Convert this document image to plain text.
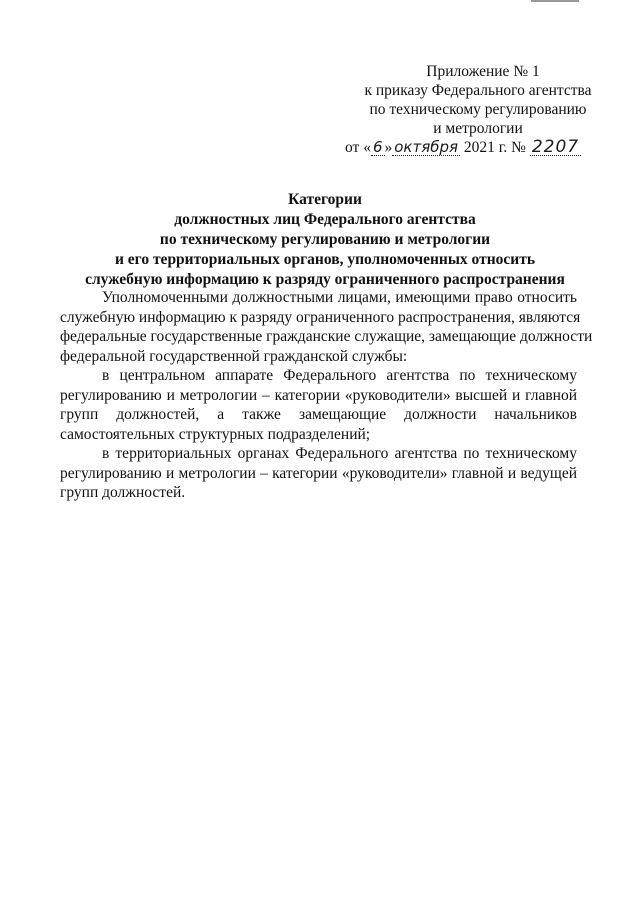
Приложение № 1
к приказу Федерального агентства
по техническому регулированию
и метрологии
от « 6 » октября 2021 г. № 2207
Категории
должностных лиц Федерального агентства
по техническому регулированию и метрологии
и его территориальных органов, уполномоченных относить
служебную информацию к разряду ограниченного распространения

Уполномоченными должностными лицами, имеющими право относить
служебную информацию к разряду ограниченного распространения, являются
федеральные государственные гражданские служащие, замещающие должности
федеральной государственной гражданской службы:

в центральном аппарате Федерального агентства по техническому
регулированию и метрологии – категории «руководители» высшей и главной
групп должностей, а также замещающие должности начальников
самостоятельных структурных подразделений;

в территориальных органах Федерального агентства по техническому
регулированию и метрологии – категории «руководители» главной и ведущей
групп должностей.
